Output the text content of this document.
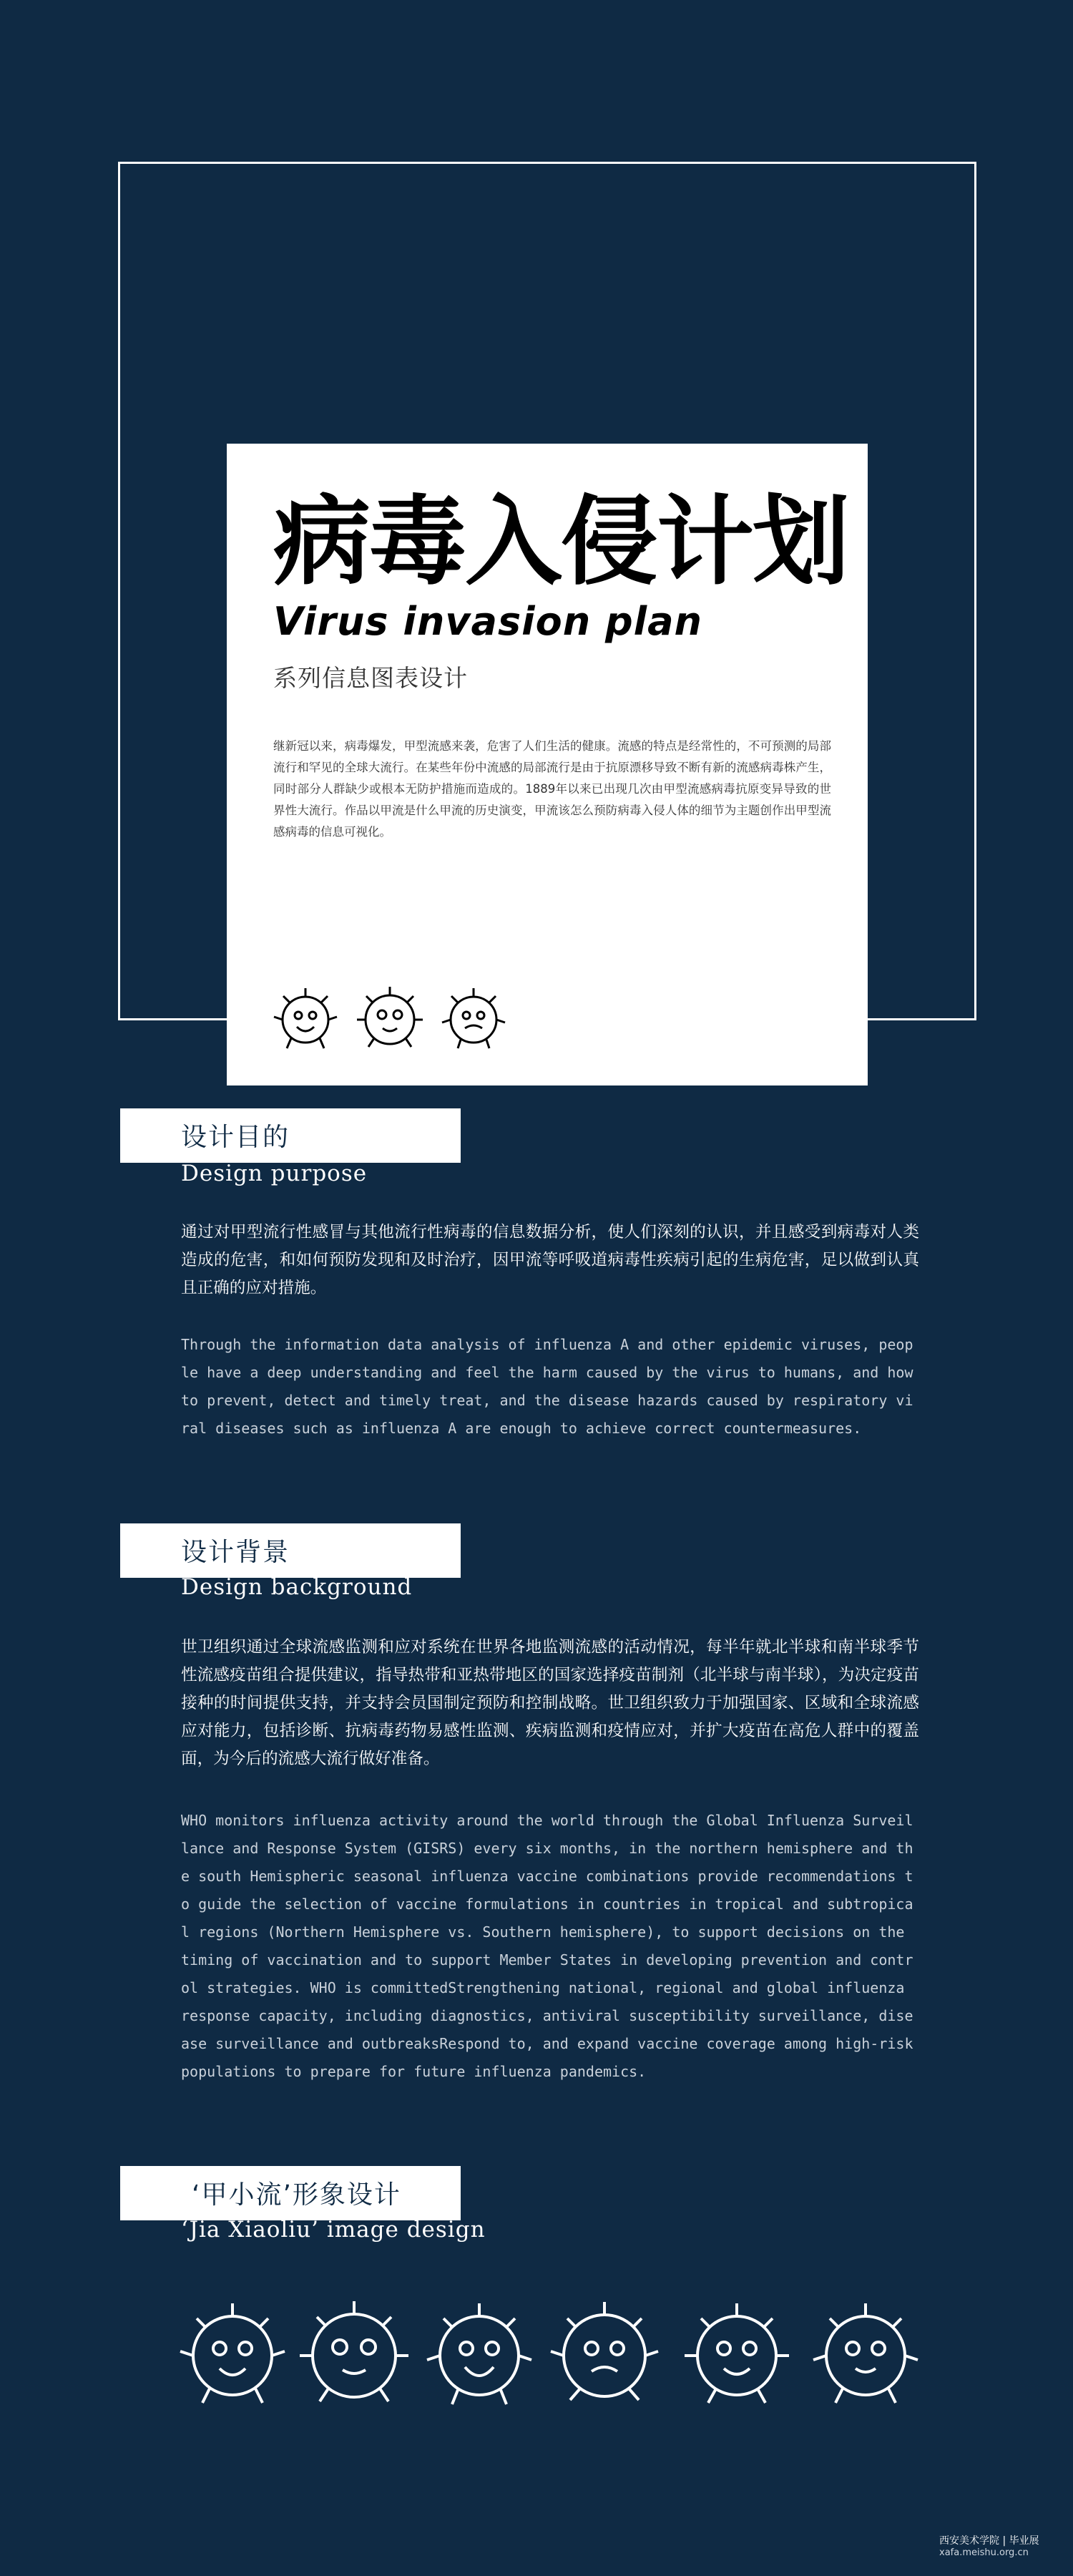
病毒入侵计划
Virus invasion plan
系列信息图表设计
继新冠以来，病毒爆发，甲型流感来袭，危害了人们生活的健康。流感的特点是经常性的，不可预测的局部流行和罕见的全球大流行。在某些年份中流感的局部流行是由于抗原漂移导致不断有新的流感病毒株产生，同时部分人群缺少或根本无防护措施而造成的。1889年以来已出现几次由甲型流感病毒抗原变异导致的世界性大流行。作品以甲流是什么甲流的历史演变，甲流该怎么预防病毒入侵人体的细节为主题创作出甲型流感病毒的信息可视化。
设计目的
Design purpose
通过对甲型流行性感冒与其他流行性病毒的信息数据分析，使人们深刻的认识，并且感受到病毒对人类造成的危害，和如何预防发现和及时治疗，因甲流等呼吸道病毒性疾病引起的生病危害，足以做到认真且正确的应对措施。
Through the information data analysis of influenza A and other epidemic viruses, people have a deep understanding and feel the harm caused by the virus to humans, and how to prevent, detect and timely treat, and the disease hazards caused by respiratory viral diseases such as influenza A are enough to achieve correct countermeasures.
设计背景
Design background
世卫组织通过全球流感监测和应对系统在世界各地监测流感的活动情况，每半年就北半球和南半球季节性流感疫苗组合提供建议，指导热带和亚热带地区的国家选择疫苗制剂（北半球与南半球），为决定疫苗接种的时间提供支持，并支持会员国制定预防和控制战略。世卫组织致力于加强国家、区域和全球流感应对能力，包括诊断、抗病毒药物易感性监测、疾病监测和疫情应对，并扩大疫苗在高危人群中的覆盖面，为今后的流感大流行做好准备。
WHO monitors influenza activity around the world through the Global Influenza Surveillance and Response System (GISRS) every six months, in the northern hemisphere and the south Hemispheric seasonal influenza vaccine combinations provide recommendations to guide the selection of vaccine formulations in countries in tropical and subtropical regions (Northern Hemisphere vs. Southern hemisphere), to support decisions on the timing of vaccination and to support Member States in developing prevention and control strategies. WHO is committedStrengthening national, regional and global influenza response capacity, including diagnostics, antiviral susceptibility surveillance, disease surveillance and outbreaksRespond to, and expand vaccine coverage among high-risk populations to prepare for future influenza pandemics.
‘甲小流’形象设计
‘Jia Xiaoliu’ image design
西安美术学院 | 毕业展
xafa.meishu.org.cn
